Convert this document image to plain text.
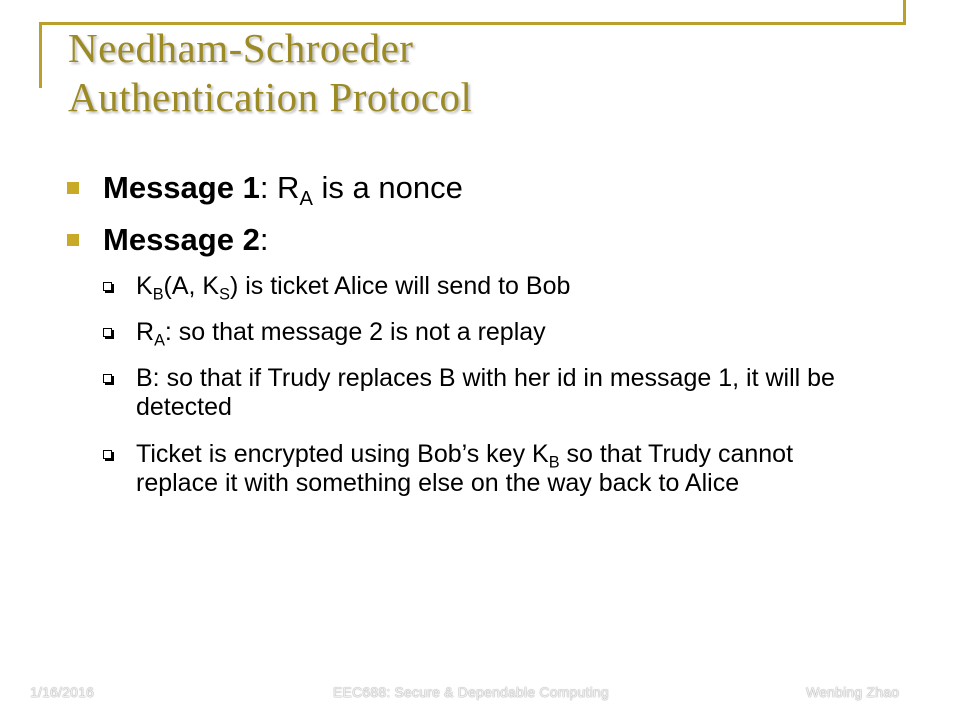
Needham-Schroeder
Authentication Protocol
Message 1: $R_A$ is a nonce
Message 2:
$K_B(A$, $K_S$) is ticket Alice will send to Bob
$R_A$: so that message 2 is not a replay
B: so that if Trudy replaces B with her id in message 1, it will be detected
Ticket is encrypted using Bob’s key $K_B$ so that Trudy cannot replace it with something else on the way back to Alice
1/16/2016	EEC688: Secure & Dependable Computing	Wenbing Zhao
